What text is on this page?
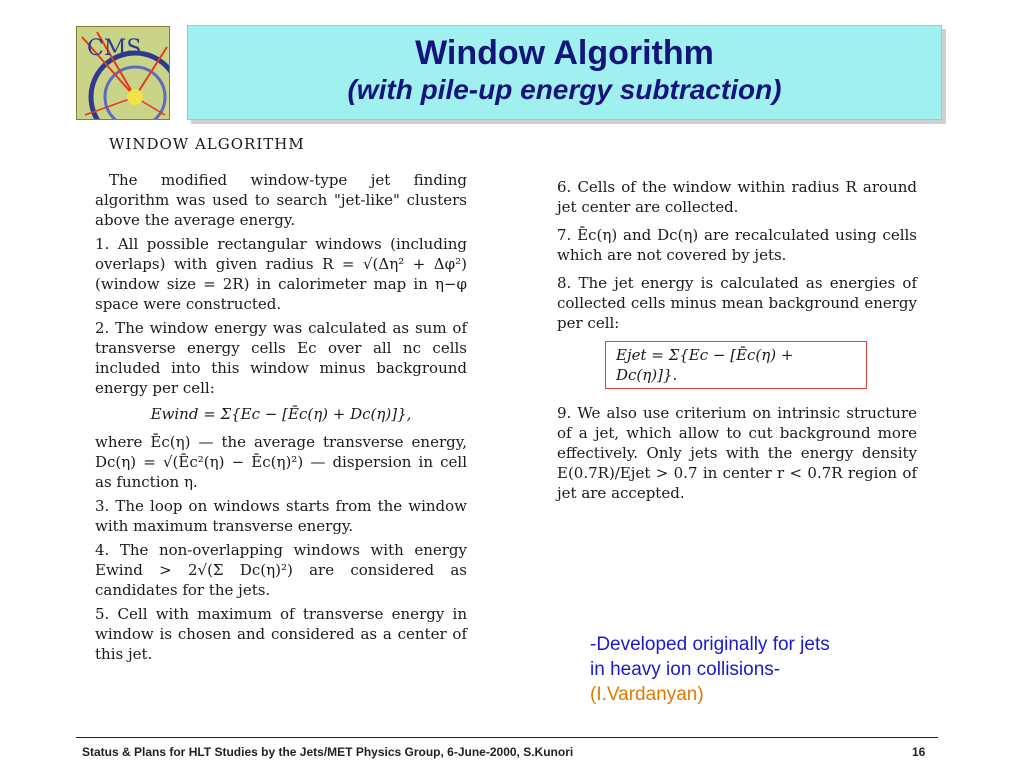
CMS	Window Algorithm
(with pile-up energy subtraction)
WINDOW ALGORITHM
The modified window-type jet finding algorithm was used to search "jet-like" clusters above the average energy.
1. All possible rectangular windows (including overlaps) with given radius R = √(Δη² + Δφ²) (window size = 2R) in calorimeter map in η−φ space were constructed.
2. The window energy was calculated as sum of transverse energy cells Ec over all nc cells included into this window minus background energy per cell:
Ewind = Σ{Ec − [Ēc(η) + Dc(η)]},
where Ēc(η) — the average transverse energy, Dc(η) = √(Ēc²(η) − Ēc(η)²) — dispersion in cell as function η.
3. The loop on windows starts from the window with maximum transverse energy.
4. The non-overlapping windows with energy Ewind > 2√(Σ Dc(η)²) are considered as candidates for the jets.
5. Cell with maximum of transverse energy in window is chosen and considered as a center of this jet.
6. Cells of the window within radius R around jet center are collected.
7. Ēc(η) and Dc(η) are recalculated using cells which are not covered by jets.
8. The jet energy is calculated as energies of collected cells minus mean background energy per cell:
Ejet = Σ{Ec − [Ēc(η) + Dc(η)]}.
9. We also use criterium on intrinsic structure of a jet, which allow to cut background more effectively. Only jets with the energy density E(0.7R)/Ejet > 0.7 in center r < 0.7R region of jet are accepted.
-Developed originally for jets
in heavy ion collisions-
(I.Vardanyan)
Status & Plans for HLT Studies by the Jets/MET Physics Group, 6-June-2000, S.Kunori	16
